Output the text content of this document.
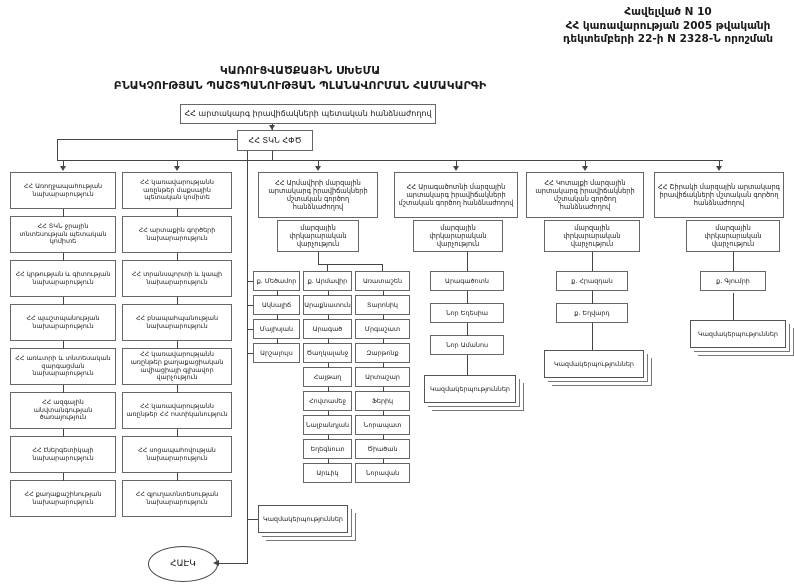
Հավելված N 10
ՀՀ կառավարության 2005 թվականի
դեկտեմբերի 22-ի N 2328-Ն որոշման
ԿԱՌՈՒՑՎԱԾՔԱՅԻՆ ՍԽԵՄԱ
ԲՆԱԿՉՈՒԹՅԱՆ ՊԱՇՏՊԱՆՈՒԹՅԱՆ ՊԼԱՆԱՎՈՐՄԱՆ ՀԱՄԱԿԱՐԳԻ
ՀՀ արտակարգ իրավիճակների պետական հանձնաժողով
ՀՀ ՏԿՆ ՀՓԾ
ՀՀ Առողջապահության նախարարություն
ՀՀ ՏԿՆ ջրային տնտեսության պետական կոմիտե
ՀՀ կրթության և գիտության նախարարություն
ՀՀ պաշտպանության նախարարություն
ՀՀ առևտրի և տնտեսական զարգացման նախարարություն
ՀՀ ազգային անվտանգության ծառայություն
ՀՀ էներգետիկայի նախարարություն
ՀՀ քաղաքաշինության նախարարություն
ՀՀ կառավարությանն առընթեր մաքսային պետական կոմիտե
ՀՀ արտաքին գործերի նախարարություն
ՀՀ տրանսպորտի և կապի նախարարություն
ՀՀ բնապահպանության նախարարություն
ՀՀ կառավարությանն առընթեր քաղաքացիական ավիացիայի գլխավոր վարչություն
ՀՀ կառավարությանն առընթեր ՀՀ ոստիկանություն
ՀՀ սոցապահովության նախարարություն
ՀՀ գյուղատնտեսության նախարարություն
ՀՀ Արմավիրի մարզային արտակարգ իրավիճակների մշտական գործող հանձնաժողով
մարզային փրկարարական վարչություն
ք. Մեծամոր
Ակնալիճ
Մայիսյան
Արշալույս
ք. Արմավիր
Արաքնատուն
Արագած
Ծաղկալանջ
Հայթաղ
Հովտամեջ
Նալբանդյան
Եղեգնուտ
Արևիկ
Առատաշեն
Տարոնիկ
Մրգաշատ
Զարթոնք
Արտաշար
Ֆերիկ
Նորապատ
Ծիածան
Նորավան
Կազմակերպություններ
ՀՀ Արագածոտնի մարզային արտակարգ իրավիճակների մշտական գործող հանձնաժողով
մարզային փրկարարական վարչություն
Արագածոտն
Նոր Եդեսիա
Նոր Ամանոս
Կազմակերպություններ
ՀՀ Կոտայքի մարզային արտակարգ իրավիճակների մշտական գործող հանձնաժողով
մարզային փրկարարական վարչություն
ք. Հրազդան
ք. Եղվարդ
Կազմակերպություններ
ՀՀ Շիրակի մարզային արտակարգ իրավիճակների մշտական գործող հանձնաժողով
մարզային փրկարարական վարչություն
ք. Գյումրի
Կազմակերպություններ
ՀԱԷԿ
